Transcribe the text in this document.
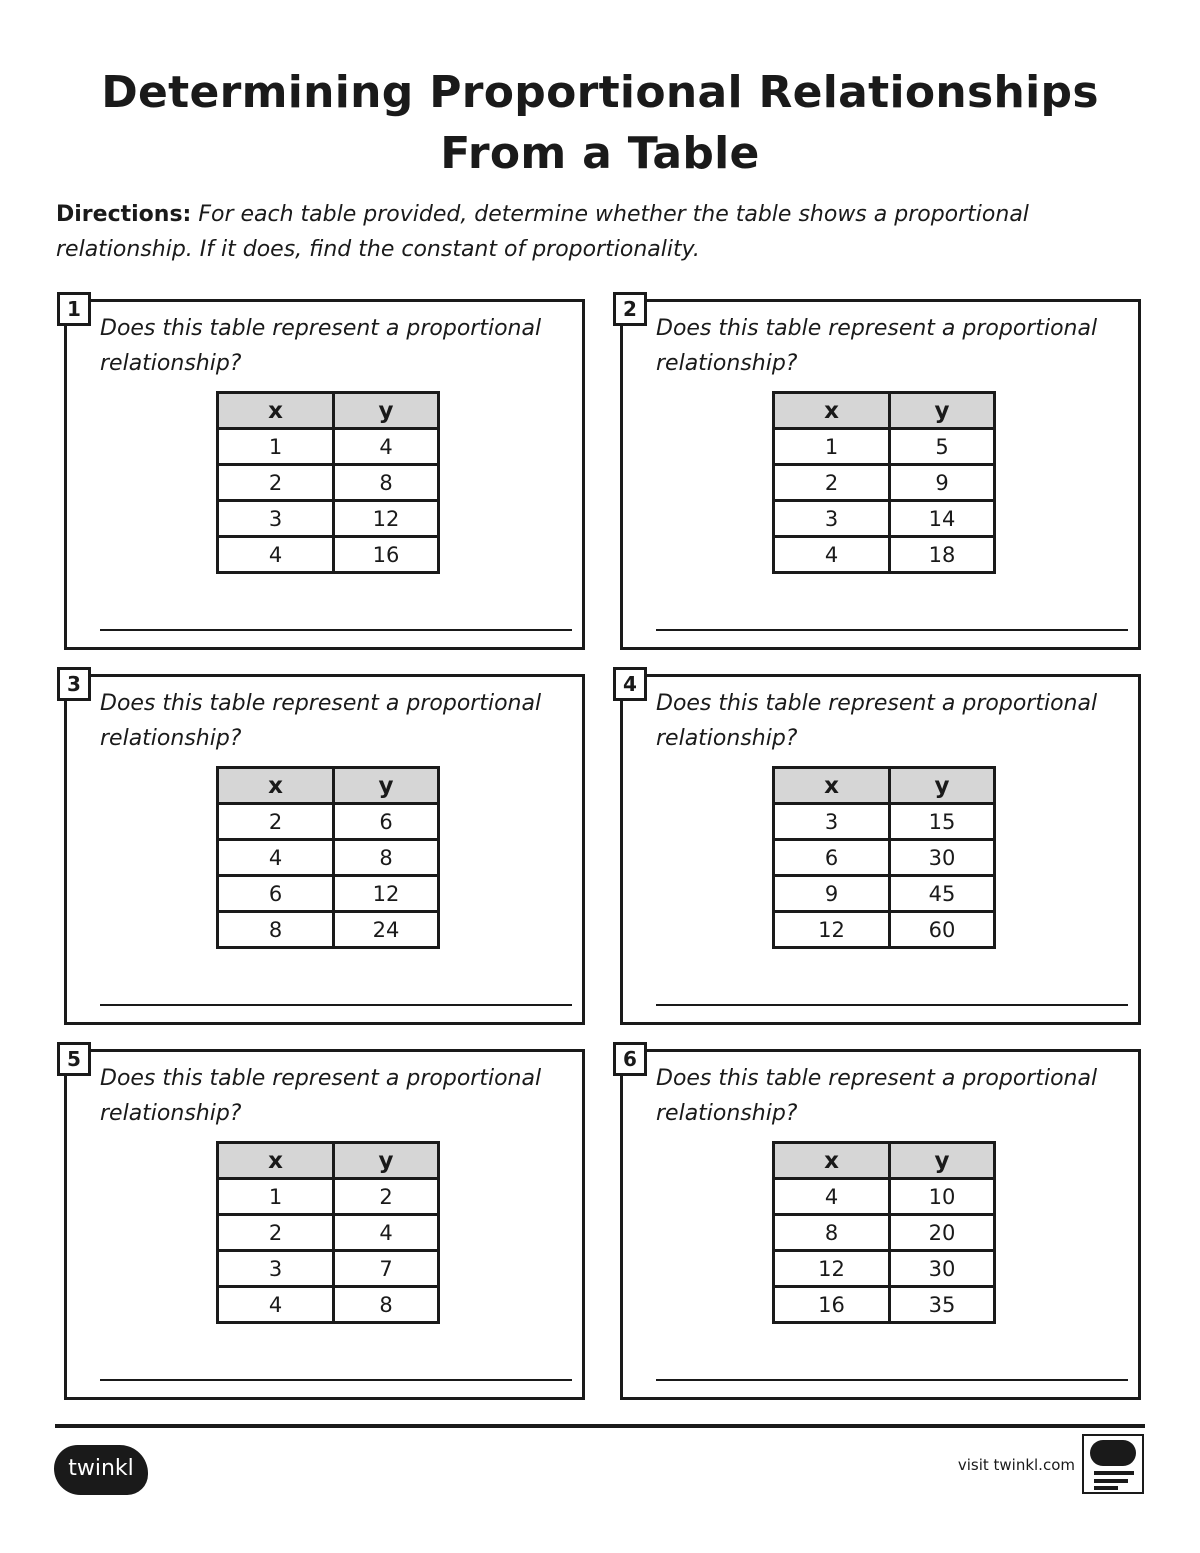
Determining Proportional Relationships
From a Table
Directions: For each table provided, determine whether the table shows a proportional relationship. If it does, find the constant of proportionality.
1
Does this table represent a proportional relationship?
x	y
1	4
2	8
3	12
4	16
2
Does this table represent a proportional relationship?
x	y
1	5
2	9
3	14
4	18
3
Does this table represent a proportional relationship?
x	y
2	6
4	8
6	12
8	24
4
Does this table represent a proportional relationship?
x	y
3	15
6	30
9	45
12	60
5
Does this table represent a proportional relationship?
x	y
1	2
2	4
3	7
4	8
6
Does this table represent a proportional relationship?
x	y
4	10
8	20
12	30
16	35
twinkl	visit twinkl.com
